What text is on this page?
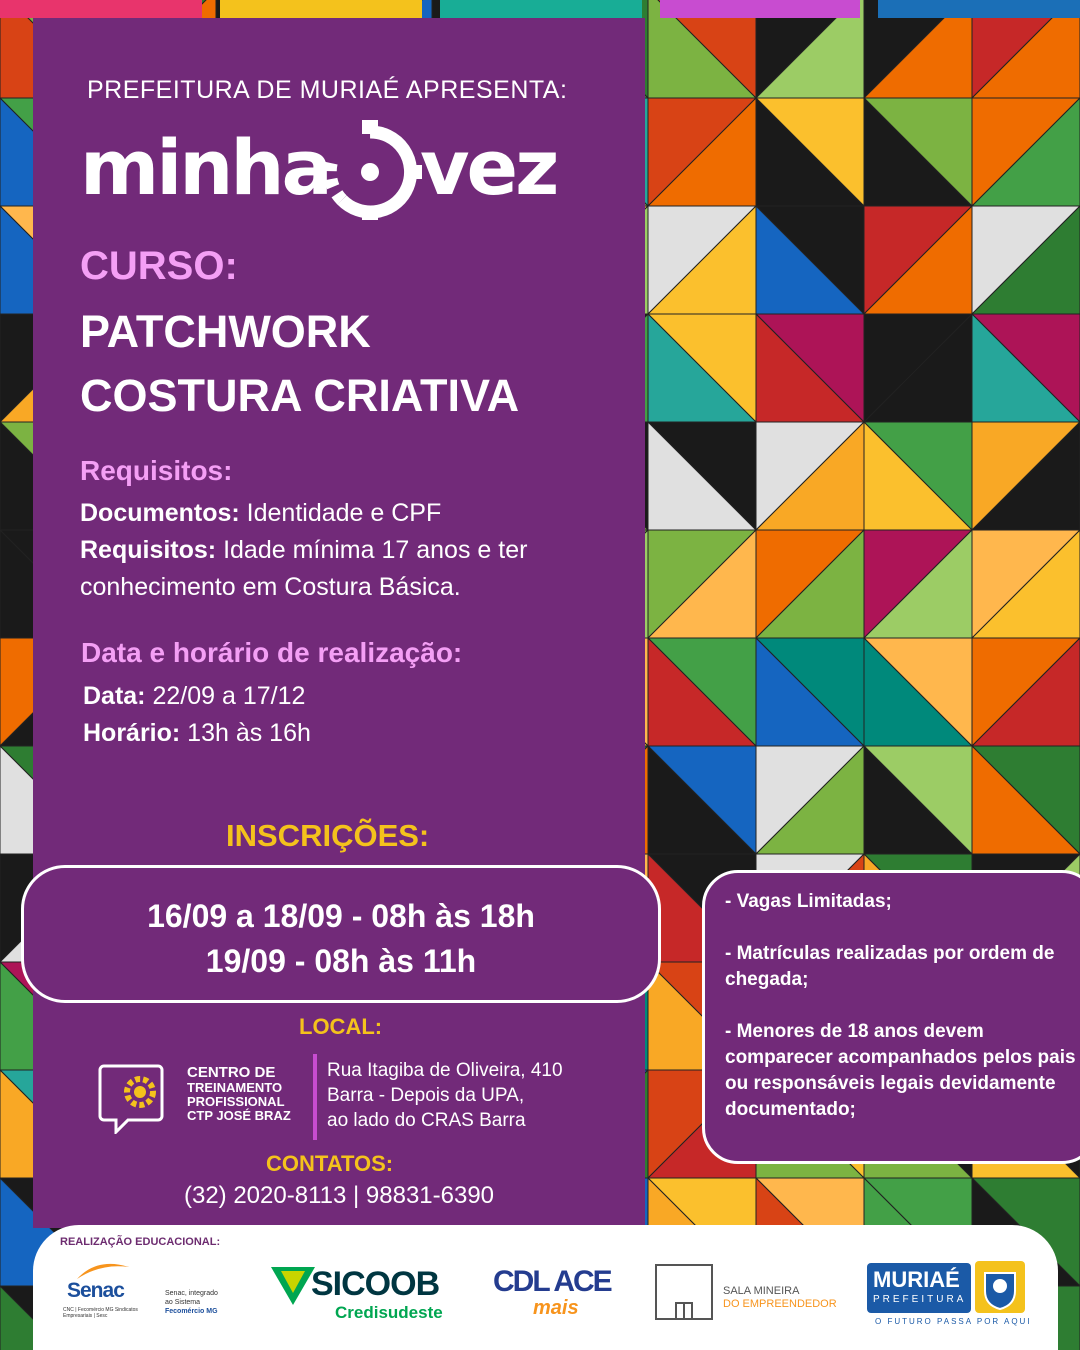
PREFEITURA DE MURIAÉ APRESENTA:
minha vez
CURSO:
PATCHWORK
COSTURA CRIATIVA
Requisitos:
Documentos: Identidade e CPF
Requisitos: Idade mínima 17 anos e ter
conhecimento em Costura Básica.
Data e horário de realização:
Data: 22/09 a 17/12
Horário: 13h às 16h
INSCRIÇÕES:
16/09 a 18/09 - 08h às 18h
19/09 - 08h às 11h
LOCAL:
CENTRO DE
TREINAMENTO
PROFISSIONAL
CTP JOSÉ BRAZ
Rua Itagiba de Oliveira, 410
Barra - Depois da UPA,
ao lado do CRAS Barra
CONTATOS:
(32) 2020-8113 | 98831-6390
- Vagas Limitadas;
- Matrículas realizadas por ordem de chegada;
- Menores de 18 anos devem comparecer acompanhados pelos pais ou responsáveis legais devidamente documentado;
REALIZAÇÃO EDUCACIONAL:
Senac
CNC | Fecomércio MG Sindicatos Empresariais | Sesc
Senac, integrado
ao Sistema
Fecomércio MG
SICOOB
Credisudeste
CDL ACE
mais
SALA MINEIRA
DO EMPREENDEDOR
MURIAÉ
PREFEITURA
O FUTURO PASSA POR AQUI
